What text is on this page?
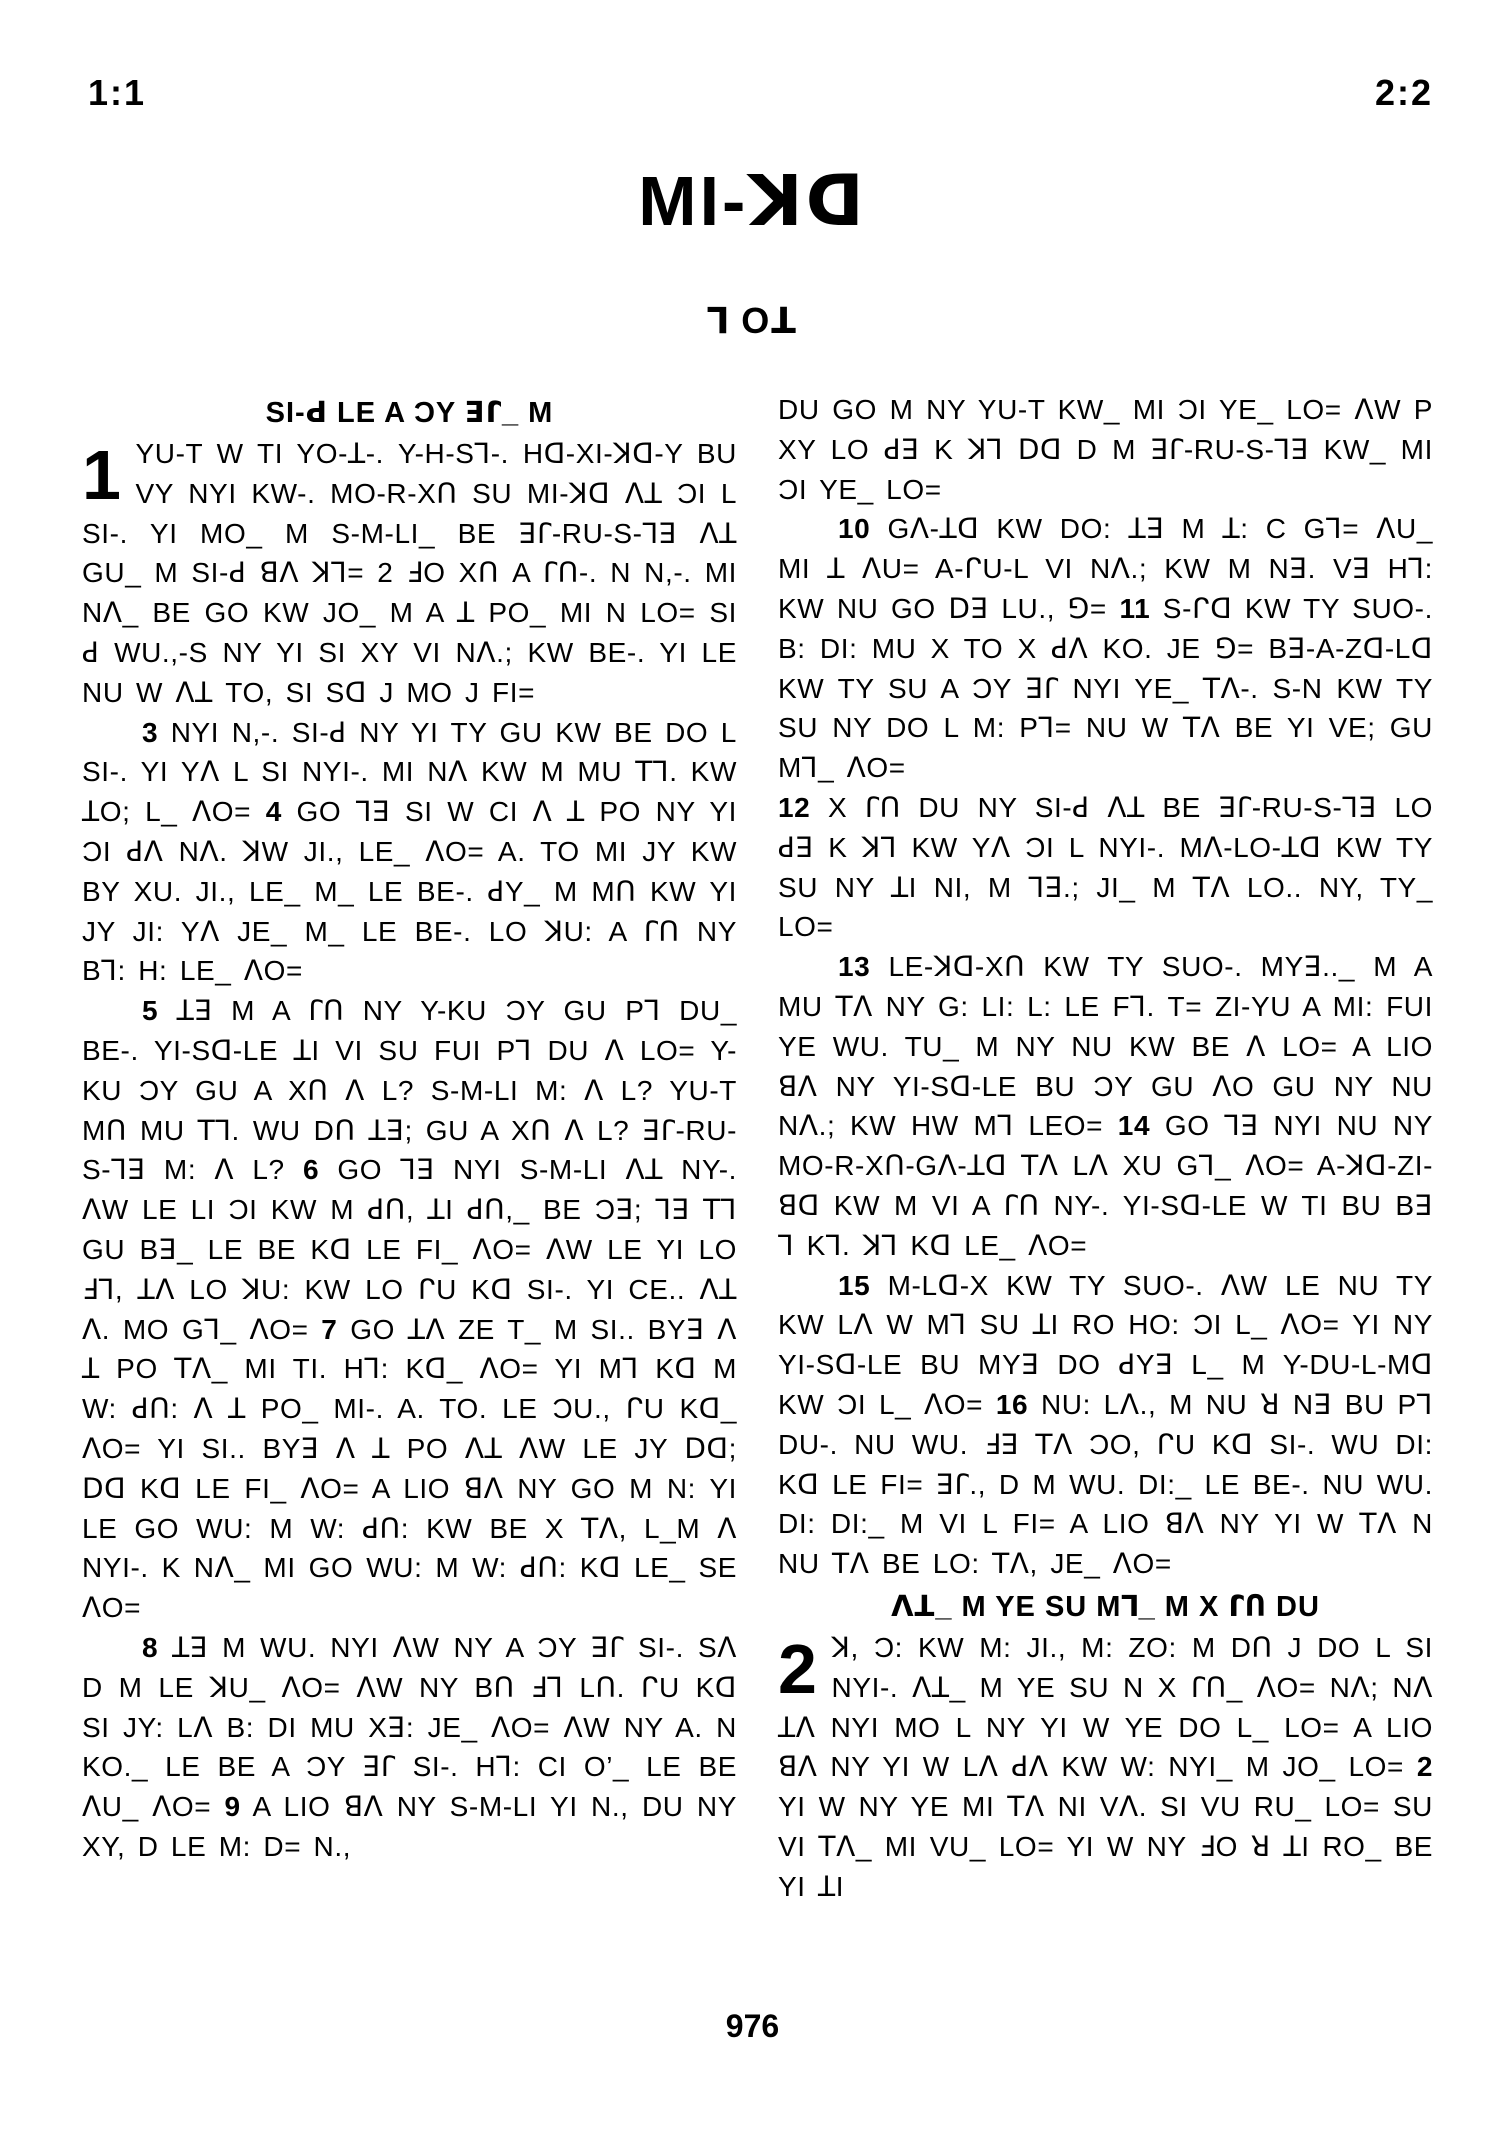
1:1	2:2
MI-ꓘᗡ
ꓶ Oꓕ
SI-ꓒ LE A ƆY ꓱꓩ_ M

1 YU-T W TI YO-ꓕ-. Y-H-Sꓶ-. Hꓷ-XI-ꓘꓷ-Y BU VY NYI KW-. MO-R-XՈ SU MI-ꓘꓷ ꓥꓕ ƆI L SI-. YI MO_ M S-M-LI_ BE ꓱꓩ-RU-S-ꓶꓱ ꓥꓕ GU_ M SI-ꓒ ꓭꓥ ꓘꓶ= 2 ꓞO XՈ A ꓩՈ-. N N,-. MI Nꓥ_ BE GO KW JO_ M A ꓕ PO_ MI N LO= SI ꓒ WU.,-S NY YI SI XY VI Nꓥ.; KW BE-. YI LE NU W ꓥꓕ TO, SI Sꓷ J MO J FI=

3 NYI N,-. SI-ꓒ NY YI TY GU KW BE DO L SI-. YI Yꓥ L SI NYI-. MI Nꓥ KW M MU ꓔꓶ. KW ꓕO; L_ ꓥO= 4 GO ꓶꓱ SI W CI ꓥ ꓕ PO NY YI ƆI ꓒꓥ Nꓥ. ꓘW JI., LE_ ꓥO= A. TO MI JY KW BY XU. JI., LE_ M_ LE BE-. ꓒY_ M MՈ KW YI JY JI: Yꓥ JE_ M_ LE BE-. LO ꓘU: A ꓩՈ NY Bꓶ: H: LE_ ꓥO=

5 ꓕꓱ M A ꓩՈ NY Y-KU ƆY GU Pꓶ DU_ BE-. YI-Sꓷ-LE ꓕI VI SU FUI Pꓶ DU ꓥ LO= Y-KU ƆY GU A XՈ ꓥ L? S-M-LI M: ꓥ L? YU-T MՈ MU ꓔꓶ. WU DՈ ꓕꓱ; GU A XՈ ꓥ L? ꓱꓩ-RU-S-ꓶꓱ M: ꓥ L? 6 GO ꓶꓱ NYI S-M-LI ꓥꓕ NY-. ꓥW LE LI ƆI KW M ꓒՈ, ꓕI ꓒՈ,_ BE Ɔꓱ; ꓶꓱ ꓔꓶ GU Bꓱ_ LE BE Kꓷ LE FI_ ꓥO= ꓥW LE YI LO ꓞꓶ, ꓕꓥ LO ꓘU: KW LO ᒋU Kꓷ SI-. YI CE.. ꓥꓕ ꓥ. MO Gꓶ_ ꓥO= 7 GO ꓕꓥ ZE T_ M SI.. BYꓱ ꓥ ꓕ PO ꓔꓥ_ MI TI. Hꓶ: Kꓷ_ ꓥO= YI Mꓶ Kꓷ M W: ꓒՈ: ꓥ ꓕ PO_ MI-. A. TO. LE ƆU., ᒋU Kꓷ_ ꓥO= YI SI.. BYꓱ ꓥ ꓕ PO ꓥꓕ ꓥW LE JY ꓓꓷ; ꓓꓷ Kꓷ LE FI_ ꓥO= A LIO ꓭꓥ NY GO M N: YI LE GO WU: M W: ꓒՈ: KW BE X ꓔꓥ, L_M ꓥ NYI-. K Nꓥ_ MI GO WU: M W: ꓒՈ: Kꓷ LE_ SE ꓥO=

8 ꓕꓱ M WU. NYI ꓥW NY A ƆY ꓱꓩ SI-. Sꓥ D M LE ꓘU_ ꓥO= ꓥW NY BՈ ꓞꓶ LՈ. ᒋU Kꓷ SI JY: Lꓥ B: DI MU Xꓱ: JE_ ꓥO= ꓥW NY A. N KO._ LE BE A ƆY ꓱꓩ SI-. Hꓶ: CI O’_ LE BE ꓥU_ ꓥO= 9 A LIO ꓭꓥ NY S-M-LI YI N., DU NY XY, D LE M: D= N.,

DU GO M NY YU-T KW_ MI ƆI YE_ LO= ꓥW P XY LO ꓒꓱ K ꓘꓶ ꓓꓷ D M ꓱꓩ-RU-S-ꓶꓱ KW_ MI ƆI YE_ LO=

10 Gꓥ-ꓕꓷ KW DO: ꓕꓱ M ꓕ: C Gꓶ= ꓥU_ MI ꓕ ꓥU= A-ᒋU-L VI Nꓥ.; KW M Nꓱ. Vꓱ Hꓶ: KW NU GO ꓓꓱ LU., ꓨ= 11 S-ᒋꓷ KW TY SUO-. B: DI: MU X TO X ꓒꓥ KO. JE ꓨ= Bꓱ-A-Zꓷ-Lꓷ KW TY SU A ƆY ꓱꓩ NYI YE_ ꓔꓥ-. S-N KW TY SU NY DO L M: Pꓶ= NU W ꓔꓥ BE YI VE; GU Mꓶ_ ꓥO=

12 X ꓩՈ DU NY SI-ꓒ ꓥꓕ BE ꓱꓩ-RU-S-ꓶꓱ LO ꓒꓱ K ꓘꓶ KW Yꓥ ƆI L NYI-. Mꓥ-LO-ꓕꓷ KW TY SU NY ꓕI NI, M ꓶꓱ.; JI_ M ꓔꓥ LO.. NY, TY_ LO=

13 LE-ꓘꓷ-XՈ KW TY SUO-. MYꓱ.._ M A MU ꓔꓥ NY G: LI: L: LE Fꓶ. T= ZI-YU A MI: FUI YE WU. TU_ M NY NU KW BE ꓥ LO= A LIO ꓭꓥ NY YI-Sꓷ-LE BU ƆY GU ꓥO GU NY NU Nꓥ.; KW HW Mꓶ LEO= 14 GO ꓶꓱ NYI NU NY MO-R-XՈ-Gꓥ-ꓕꓷ ꓔꓥ Lꓥ XU Gꓶ_ ꓥO= A-ꓘꓷ-ZI-ꓭꓷ KW M VI A ꓩՈ NY-. YI-Sꓷ-LE W TI BU Bꓱ ꓶ Kꓶ. ꓘꓶ Kꓷ LE_ ꓥO=

15 M-Lꓷ-X KW TY SUO-. ꓥW LE NU TY KW Lꓥ W Mꓶ SU ꓕI RO HO: ƆI L_ ꓥO= YI NY YI-Sꓷ-LE BU MYꓱ DO ꓒYꓱ L_ M Y-DU-L-Mꓷ KW ƆI L_ ꓥO= 16 NU: Lꓥ., M NU ꓤ Nꓱ BU Pꓶ DU-. NU WU. ꓞꓱ ꓔꓥ ƆO, ᒋU Kꓷ SI-. WU DI: Kꓷ LE FI= ꓱꓩ., D M WU. DI:_ LE BE-. NU WU. DI: DI:_ M VI L FI= A LIO ꓭꓥ NY YI W ꓔꓥ N NU ꓔꓥ BE LO: ꓔꓥ, JE_ ꓥO=

ꓥꓕ_ M YE SU Mꓶ_ M X ꓩՈ DU

2 ꓘ, Ɔ: KW M: JI., M: ZO: M DՈ J DO L SI NYI-. ꓥꓕ_ M YE SU N X ꓩՈ_ ꓥO= Nꓥ; Nꓥ ꓕꓥ NYI MO L NY YI W YE DO L_ LO= A LIO ꓭꓥ NY YI W Lꓥ ꓒꓥ KW W: NYI_ M JO_ LO= 2 YI W NY YE MI ꓔꓥ NI Vꓥ. SI VU RU_ LO= SU VI ꓔꓥ_ MI VU_ LO= YI W NY ꓞO ꓤ ꓕI RO_ BE YI ꓕI

976
